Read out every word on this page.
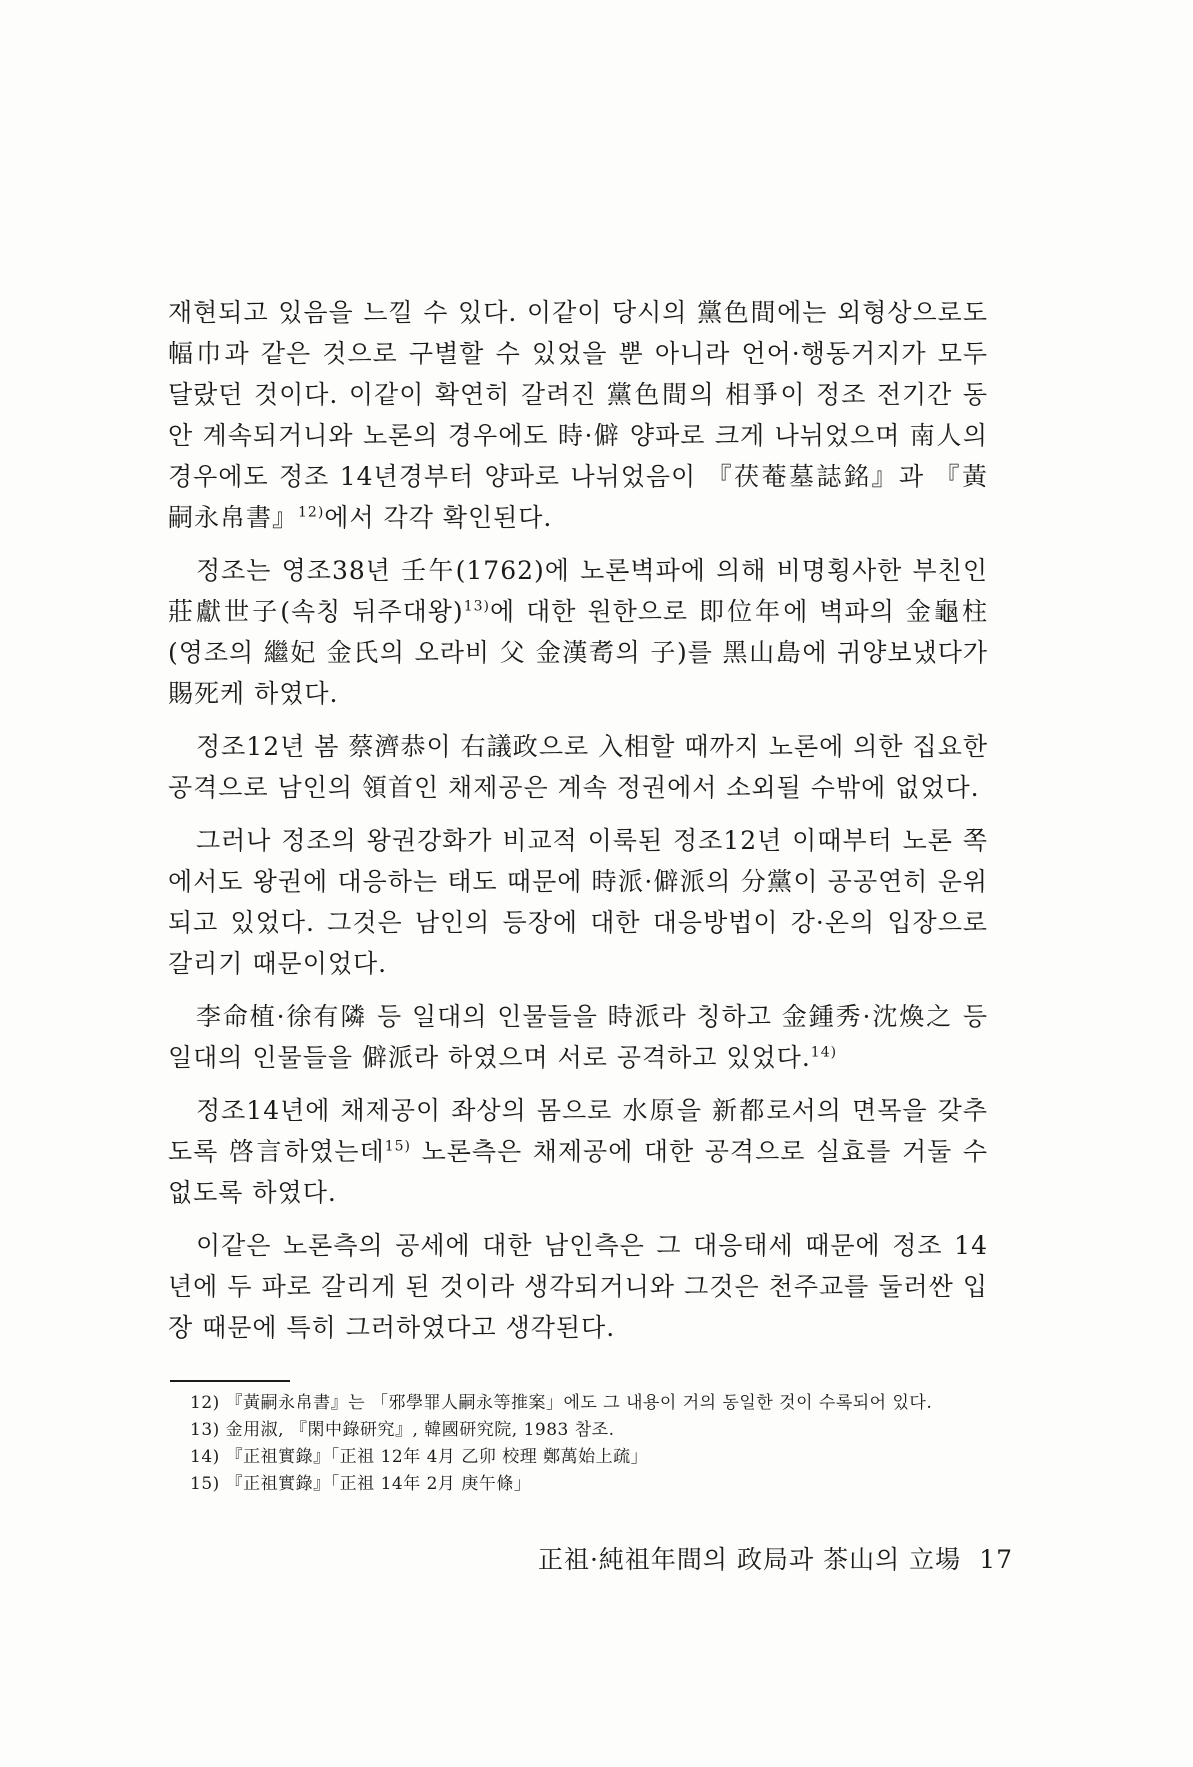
재현되고 있음을 느낄 수 있다. 이같이 당시의 黨色間에는 외형상으로도 幅巾과 같은 것으로 구별할 수 있었을 뿐 아니라 언어·행동거지가 모두 달랐던 것이다. 이같이 확연히 갈려진 黨色間의 相爭이 정조 전기간 동안 계속되거니와 노론의 경우에도 時·僻 양파로 크게 나뉘었으며 南人의 경우에도 정조 14년경부터 양파로 나뉘었음이 『茯菴墓誌銘』과 『黃嗣永帛書』$^{12)}$에서 각각 확인된다.

정조는 영조38년 壬午(1762)에 노론벽파에 의해 비명횡사한 부친인 莊獻世子(속칭 뒤주대왕)$^{13)}$에 대한 원한으로 即位年에 벽파의 金龜柱(영조의 繼妃 金氏의 오라비 父 金漢耉의 子)를 黑山島에 귀양보냈다가 賜死케 하였다.

정조12년 봄 蔡濟恭이 右議政으로 入相할 때까지 노론에 의한 집요한 공격으로 남인의 領首인 채제공은 계속 정권에서 소외될 수밖에 없었다.

그러나 정조의 왕권강화가 비교적 이룩된 정조12년 이때부터 노론 쪽에서도 왕권에 대응하는 태도 때문에 時派·僻派의 分黨이 공공연히 운위되고 있었다. 그것은 남인의 등장에 대한 대응방법이 강·온의 입장으로 갈리기 때문이었다.

李命植·徐有隣 등 일대의 인물들을 時派라 칭하고 金鍾秀·沈煥之 등 일대의 인물들을 僻派라 하였으며 서로 공격하고 있었다.$^{14)}$

정조14년에 채제공이 좌상의 몸으로 水原을 新都로서의 면목을 갖추도록 啓言하였는데$^{15)}$ 노론측은 채제공에 대한 공격으로 실효를 거둘 수 없도록 하였다.

이같은 노론측의 공세에 대한 남인측은 그 대응태세 때문에 정조 14년에 두 파로 갈리게 된 것이라 생각되거니와 그것은 천주교를 둘러싼 입장 때문에 특히 그러하였다고 생각된다.

12) 『黃嗣永帛書』는 「邪學罪人嗣永等推案」에도 그 내용이 거의 동일한 것이 수록되어 있다.

13) 金用淑, 『閑中錄研究』, 韓國研究院, 1983 참조.

14) 『正祖實錄』「正祖 12年 4月 乙卯 校理 鄭萬始上疏」

15) 『正祖實錄』「正祖 14年 2月 庚午條」

正祖·純祖年間의 政局과 茶山의 立場 17
